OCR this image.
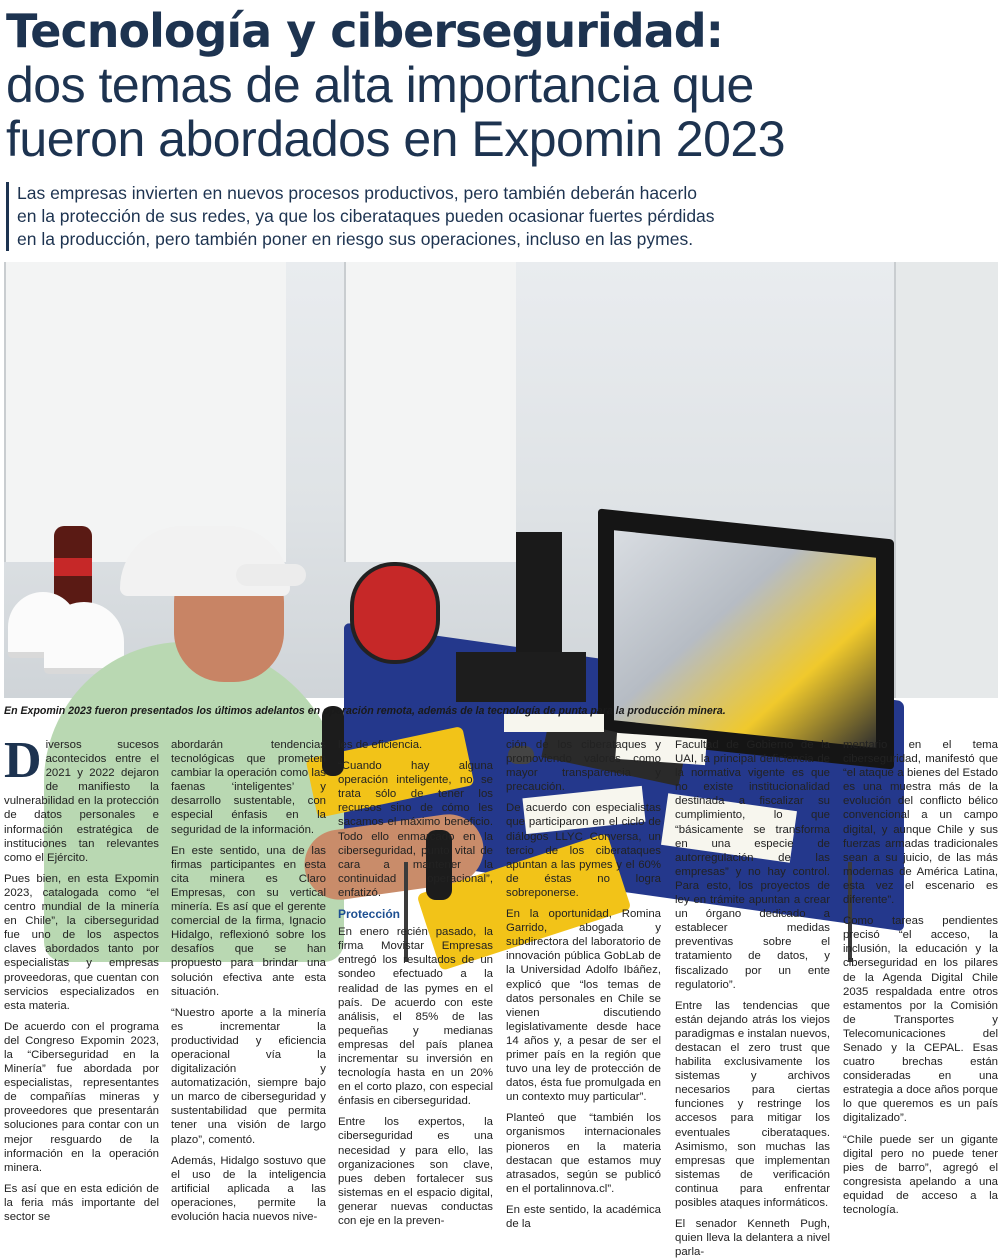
Tecnología y ciberseguridad:
dos temas de alta importancia que
fueron abordados en Expomin 2023
Las empresas invierten en nuevos procesos productivos, pero también deberán hacerlo
en la protección de sus redes, ya que los ciberataques pueden ocasionar fuertes pérdidas
en la producción, pero también poner en riesgo sus operaciones, incluso en las pymes.
En Expomin 2023 fueron presentados los últimos adelantos en operación remota, además de la tecnología de punta para la producción minera.

Diversos sucesos acontecidos entre el 2021 y 2022 dejaron de manifiesto la vulnerabilidad en la protección de datos personales e información estratégica de instituciones tan relevantes como el Ejército.

Pues bien, en esta Expomin 2023, catalogada como “el centro mundial de la minería en Chile”, la ciberseguridad fue uno de los aspectos claves abordados tanto por especialistas y empresas proveedoras, que cuentan con servicios especializados en esta materia.

De acuerdo con el programa del Congreso Expomin 2023, la “Ciberseguridad en la Minería” fue abordada por especialistas, representantes de compañías mineras y proveedores que presentarán soluciones para contar con un mejor resguardo de la información en la operación minera.

Es así que en esta edición de la feria más importante del sector se

abordarán tendencias tecnológicas que prometen cambiar la operación como las faenas ‘inteligentes’ y desarrollo sustentable, con especial énfasis en la seguridad de la información.

En este sentido, una de las firmas participantes en esta cita minera es Claro Empresas, con su vertical minería. Es así que el gerente comercial de la firma, Ignacio Hidalgo, reflexionó sobre los desafíos que se han propuesto para brindar una solución efectiva ante esta situación.

“Nuestro aporte a la minería es incrementar la productividad y eficiencia operacional vía la digitalización y automatización, siempre bajo un marco de ciberseguridad y sustentabilidad que permita tener una visión de largo plazo”, comentó.

Además, Hidalgo sostuvo que el uso de la inteligencia artificial aplicada a las operaciones, permite la evolución hacia nuevos nive-

les de eficiencia.

“Cuando hay alguna operación inteligente, no se trata sólo de tener los recursos sino de cómo les sacamos el máximo beneficio. Todo ello enmarcado en la ciberseguridad, punto vital de cara a mantener la continuidad operacional”, enfatizó.

Protección

En enero recién pasado, la firma Movistar Empresas entregó los resultados de un sondeo efectuado a la realidad de las pymes en el país. De acuerdo con este análisis, el 85% de las pequeñas y medianas empresas del país planea incrementar su inversión en tecnología hasta en un 20% en el corto plazo, con especial énfasis en ciberseguridad.

Entre los expertos, la ciberseguridad es una necesidad y para ello, las organizaciones son clave, pues deben fortalecer sus sistemas en el espacio digital, generar nuevas conductas con eje en la preven-

ción de los ciberataques y promoviendo valores como mayor transparencia y precaución.

De acuerdo con especialistas que participaron en el ciclo de diálogos LLYC Conversa, un tercio de los ciberataques apuntan a las pymes y el 60% de éstas no logra sobreponerse.

En la oportunidad, Romina Garrido, abogada y subdirectora del laboratorio de innovación pública GobLab de la Universidad Adolfo Ibáñez, explicó que “los temas de datos personales en Chile se vienen discutiendo legislativamente desde hace 14 años y, a pesar de ser el primer país en la región que tuvo una ley de protección de datos, ésta fue promulgada en un contexto muy particular”.

Planteó que “también los organismos internacionales pioneros en la materia destacan que estamos muy atrasados, según se publicó en el portalinnova.cl”.

En este sentido, la académica de la

Facultad de Gobierno de la UAI, la principal deficiencia de la normativa vigente es que no existe institucionalidad destinada a fiscalizar su cumplimiento, lo que “básicamente se transforma en una especie de autorregulación de las empresas” y no hay control. Para esto, los proyectos de ley en trámite apuntan a crear un órgano dedicado a establecer medidas preventivas sobre el tratamiento de datos, y fiscalizado por un ente regulatorio”.

Entre las tendencias que están dejando atrás los viejos paradigmas e instalan nuevos, destacan el zero trust que habilita exclusivamente los sistemas y archivos necesarios para ciertas funciones y restringe los accesos para mitigar los eventuales ciberataques. Asimismo, son muchas las empresas que implementan sistemas de verificación continua para enfrentar posibles ataques informáticos.

El senador Kenneth Pugh, quien lleva la delantera a nivel parla-

mentario en el tema ciberseguridad, manifestó que “el ataque a bienes del Estado es una muestra más de la evolución del conflicto bélico convencional a un campo digital, y aunque Chile y sus fuerzas armadas tradicionales sean a su juicio, de las más modernas de América Latina, esta vez el escenario es diferente”.

Como tareas pendientes precisó “el acceso, la inclusión, la educación y la ciberseguridad en los pilares de la Agenda Digital Chile 2035 respaldada entre otros estamentos por la Comisión de Transportes y Telecomunicaciones del Senado y la CEPAL. Esas cuatro brechas están consideradas en una estrategia a doce años porque lo que queremos es un país digitalizado”.

“Chile puede ser un gigante digital pero no puede tener pies de barro”, agregó el congresista apelando a una equidad de acceso a la tecnología.
